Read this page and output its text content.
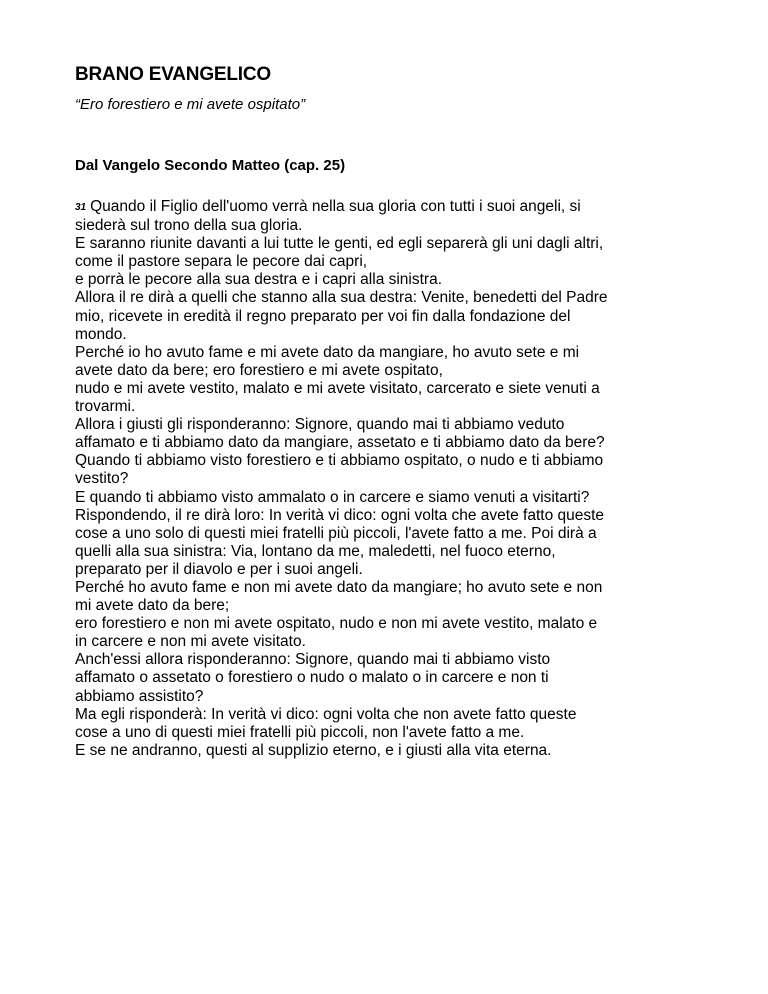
BRANO EVANGELICO

“Ero forestiero e mi avete ospitato”

Dal Vangelo Secondo Matteo (cap. 25)

31 Quando il Figlio dell'uomo verrà nella sua gloria con tutti i suoi angeli, si
siederà sul trono della sua gloria.
E saranno riunite davanti a lui tutte le genti, ed egli separerà gli uni dagli altri,
come il pastore separa le pecore dai capri,
e porrà le pecore alla sua destra e i capri alla sinistra.
Allora il re dirà a quelli che stanno alla sua destra: Venite, benedetti del Padre
mio, ricevete in eredità il regno preparato per voi fin dalla fondazione del
mondo.
Perché io ho avuto fame e mi avete dato da mangiare, ho avuto sete e mi
avete dato da bere; ero forestiero e mi avete ospitato,
nudo e mi avete vestito, malato e mi avete visitato, carcerato e siete venuti a
trovarmi.
Allora i giusti gli risponderanno: Signore, quando mai ti abbiamo veduto
affamato e ti abbiamo dato da mangiare, assetato e ti abbiamo dato da bere?
Quando ti abbiamo visto forestiero e ti abbiamo ospitato, o nudo e ti abbiamo
vestito?
E quando ti abbiamo visto ammalato o in carcere e siamo venuti a visitarti?
Rispondendo, il re dirà loro: In verità vi dico: ogni volta che avete fatto queste
cose a uno solo di questi miei fratelli più piccoli, l'avete fatto a me. Poi dirà a
quelli alla sua sinistra: Via, lontano da me, maledetti, nel fuoco eterno,
preparato per il diavolo e per i suoi angeli.
Perché ho avuto fame e non mi avete dato da mangiare; ho avuto sete e non
mi avete dato da bere;
ero forestiero e non mi avete ospitato, nudo e non mi avete vestito, malato e
in carcere e non mi avete visitato.
Anch'essi allora risponderanno: Signore, quando mai ti abbiamo visto
affamato o assetato o forestiero o nudo o malato o in carcere e non ti
abbiamo assistito?
Ma egli risponderà: In verità vi dico: ogni volta che non avete fatto queste
cose a uno di questi miei fratelli più piccoli, non l'avete fatto a me.
E se ne andranno, questi al supplizio eterno, e i giusti alla vita eterna.
